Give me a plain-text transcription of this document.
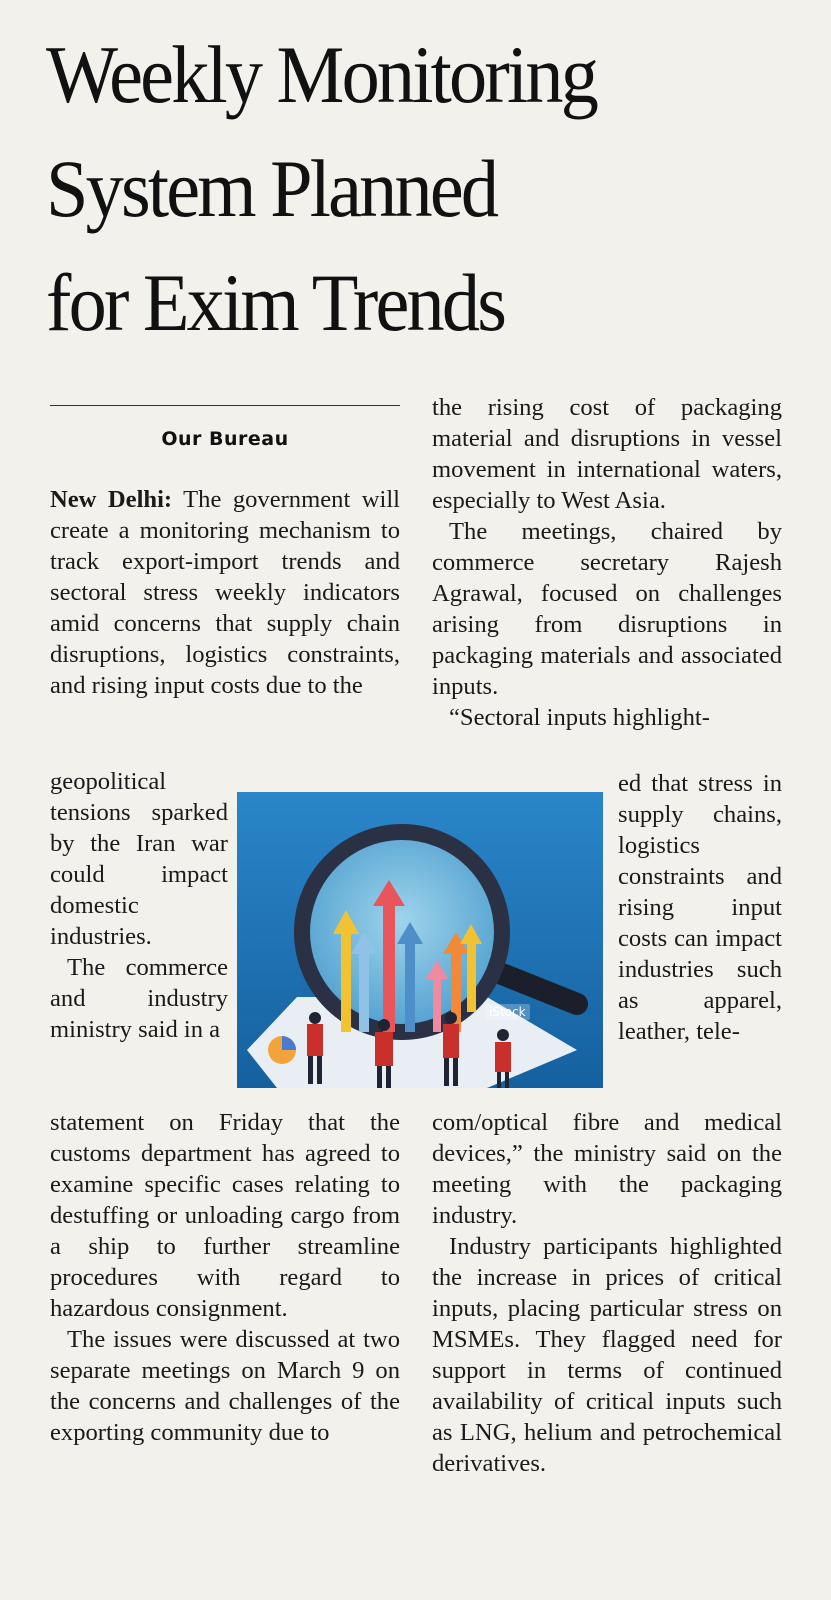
Weekly Monitoring
System Planned
for Exim Trends
Our Bureau

New Delhi: The government will create a monitoring mechanism to track export-import trends and sectoral stress weekly indicators amid concerns that supply chain disruptions, logistics constraints, and rising input costs due to the

geopolitical tensions sparked by the Iran war could impact domestic industries.

The commerce and industry ministry said in a

statement on Friday that the customs department has agreed to examine specific cases relating to destuffing or unloading cargo from a ship to further streamline procedures with regard to hazardous consignment.

The issues were discussed at two separate meetings on March 9 on the concerns and challenges of the exporting community due to

the rising cost of packaging material and disruptions in vessel movement in international waters, especially to West Asia.

The meetings, chaired by commerce secretary Rajesh Agrawal, focused on challenges arising from disruptions in packaging materials and associated inputs.

“Sectoral inputs highlight-

ed that stress in supply chains, logistics constraints and rising input costs can impact industries such as apparel, leather, tele-

com/optical fibre and medical devices,” the ministry said on the meeting with the packaging industry.

Industry participants highlighted the increase in prices of critical inputs, placing particular stress on MSMEs. They flagged need for support in terms of continued availability of critical inputs such as LNG, helium and petrochemical derivatives.

iStock
